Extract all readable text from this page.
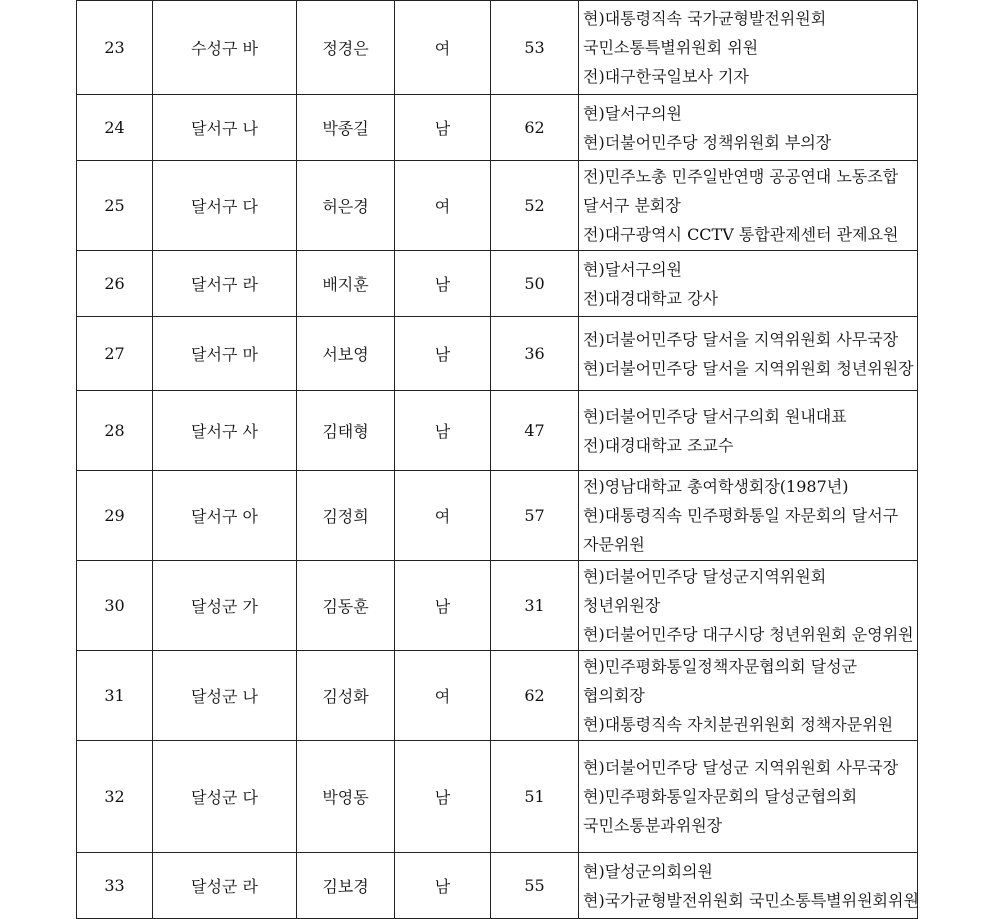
23	수성구 바	정경은	여	53	현)대통령직속 국가균형발전위원회
국민소통특별위원회 위원
전)대구한국일보사 기자

24	달서구 나	박종길	남	62	현)달서구의원
현)더불어민주당 정책위원회 부의장

25	달서구 다	허은경	여	52	전)민주노총 민주일반연맹 공공연대 노동조합
달서구 분회장
전)대구광역시 CCTV 통합관제센터 관제요원

26	달서구 라	배지훈	남	50	현)달서구의원
전)대경대학교 강사

27	달서구 마	서보영	남	36	전)더불어민주당 달서을 지역위원회 사무국장
현)더불어민주당 달서을 지역위원회 청년위원장

28	달서구 사	김태형	남	47	현)더불어민주당 달서구의회 원내대표
전)대경대학교 조교수

29	달서구 아	김정희	여	57	전)영남대학교 총여학생회장(1987년)
현)대통령직속 민주평화통일 자문회의 달서구
자문위원

30	달성군 가	김동훈	남	31	현)더불어민주당 달성군지역위원회
청년위원장
현)더불어민주당 대구시당 청년위원회 운영위원

31	달성군 나	김성화	여	62	현)민주평화통일정책자문협의회 달성군
협의회장
현)대통령직속 자치분권위원회 정책자문위원

32	달성군 다	박영동	남	51	현)더불어민주당 달성군 지역위원회 사무국장
현)민주평화통일자문회의 달성군협의회
국민소통분과위원장

33	달성군 라	김보경	남	55	현)달성군의회의원
현)국가균형발전위원회 국민소통특별위원회위원
